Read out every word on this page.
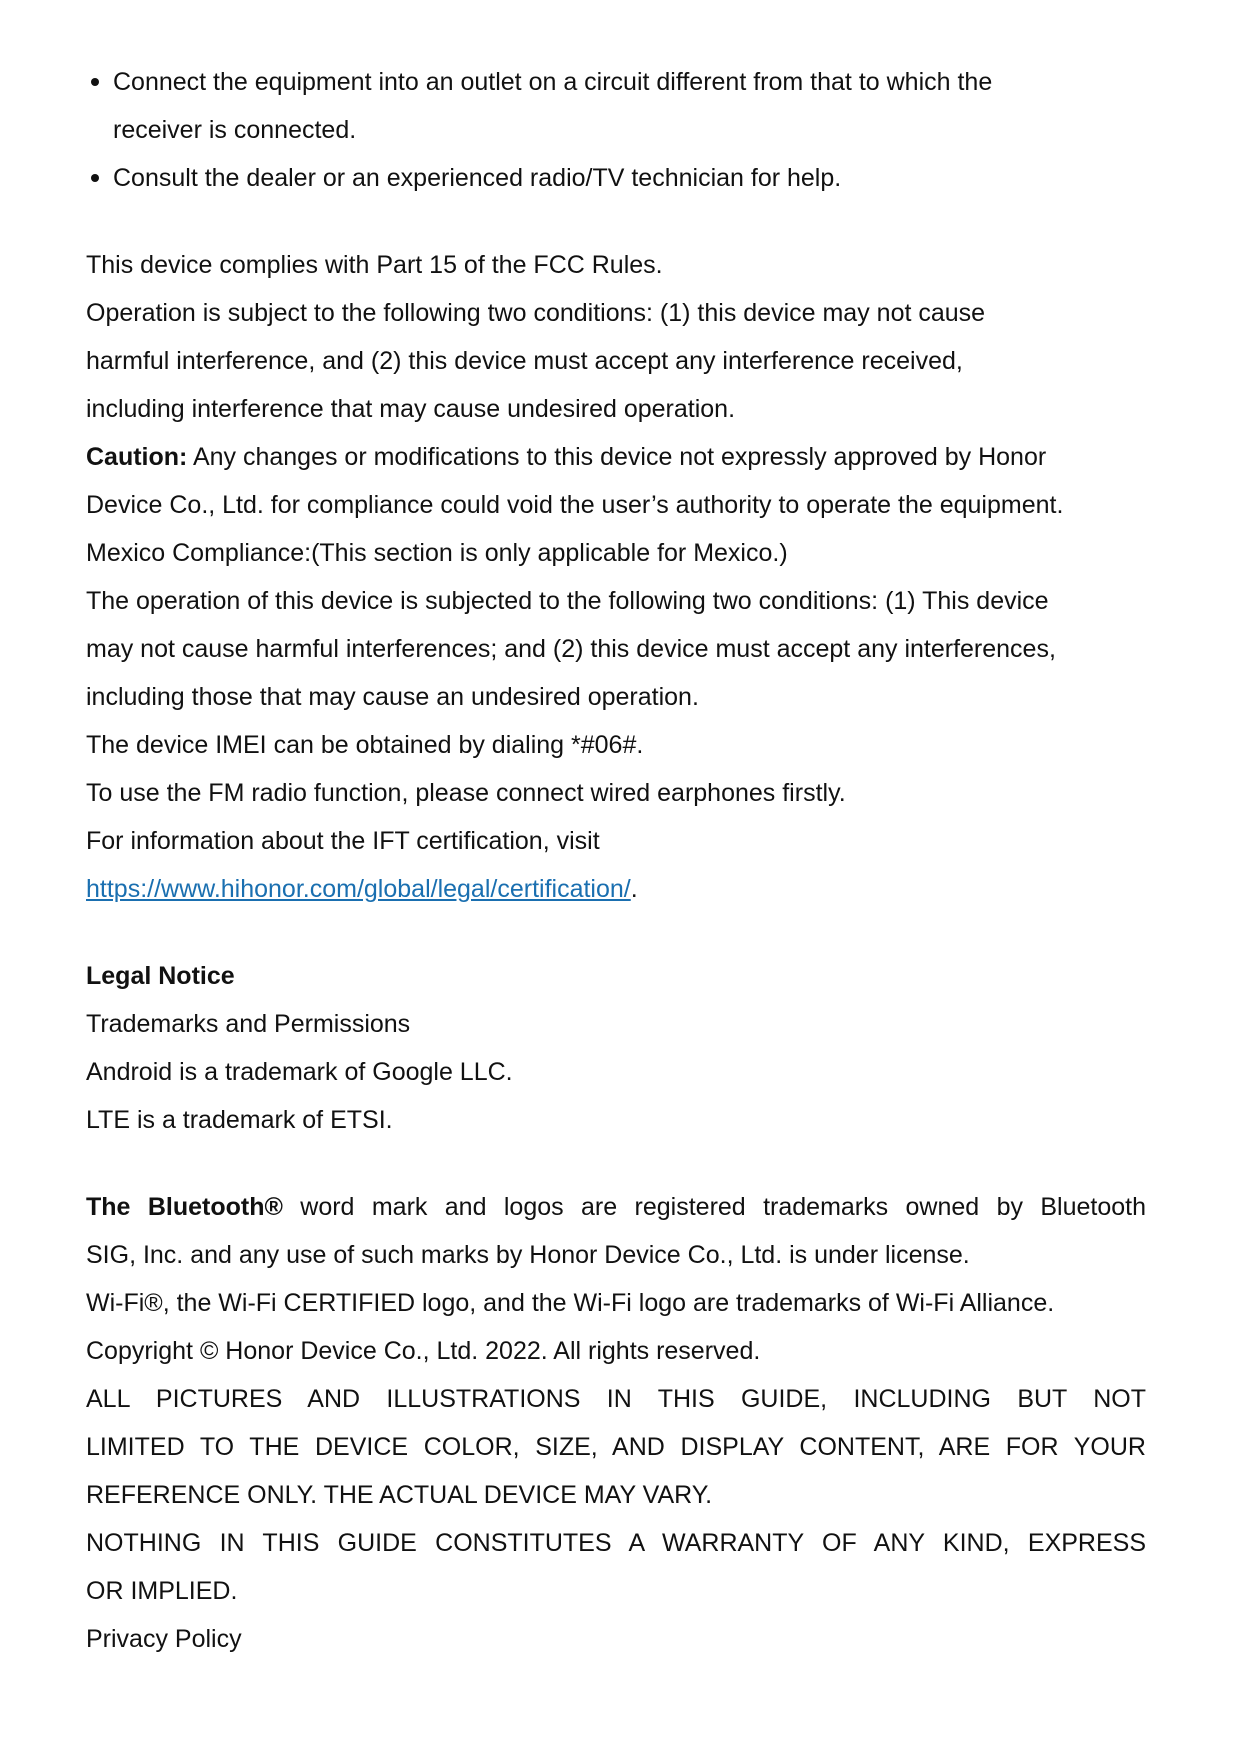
Connect the equipment into an outlet on a circuit different from that to which the
receiver is connected.
Consult the dealer or an experienced radio/TV technician for help.
This device complies with Part 15 of the FCC Rules.
Operation is subject to the following two conditions: (1) this device may not cause
harmful interference, and (2) this device must accept any interference received,
including interference that may cause undesired operation.
Caution: Any changes or modifications to this device not expressly approved by Honor
Device Co., Ltd. for compliance could void the user’s authority to operate the equipment.
Mexico Compliance:(This section is only applicable for Mexico.)
The operation of this device is subjected to the following two conditions: (1) This device
may not cause harmful interferences; and (2) this device must accept any interferences,
including those that may cause an undesired operation.
The device IMEI can be obtained by dialing *#06#.
To use the FM radio function, please connect wired earphones firstly.
For information about the IFT certification, visit
https://www.hihonor.com/global/legal/certification/.
Legal Notice
Trademarks and Permissions
Android is a trademark of Google LLC.
LTE is a trademark of ETSI.
The Bluetooth® word mark and logos are registered trademarks owned by Bluetooth
SIG, Inc. and any use of such marks by Honor Device Co., Ltd. is under license.
Wi-Fi®, the Wi-Fi CERTIFIED logo, and the Wi-Fi logo are trademarks of Wi-Fi Alliance.
Copyright © Honor Device Co., Ltd. 2022. All rights reserved.
ALL PICTURES AND ILLUSTRATIONS IN THIS GUIDE, INCLUDING BUT NOT
LIMITED TO THE DEVICE COLOR, SIZE, AND DISPLAY CONTENT, ARE FOR YOUR
REFERENCE ONLY. THE ACTUAL DEVICE MAY VARY.
NOTHING IN THIS GUIDE CONSTITUTES A WARRANTY OF ANY KIND, EXPRESS
OR IMPLIED.
Privacy Policy
